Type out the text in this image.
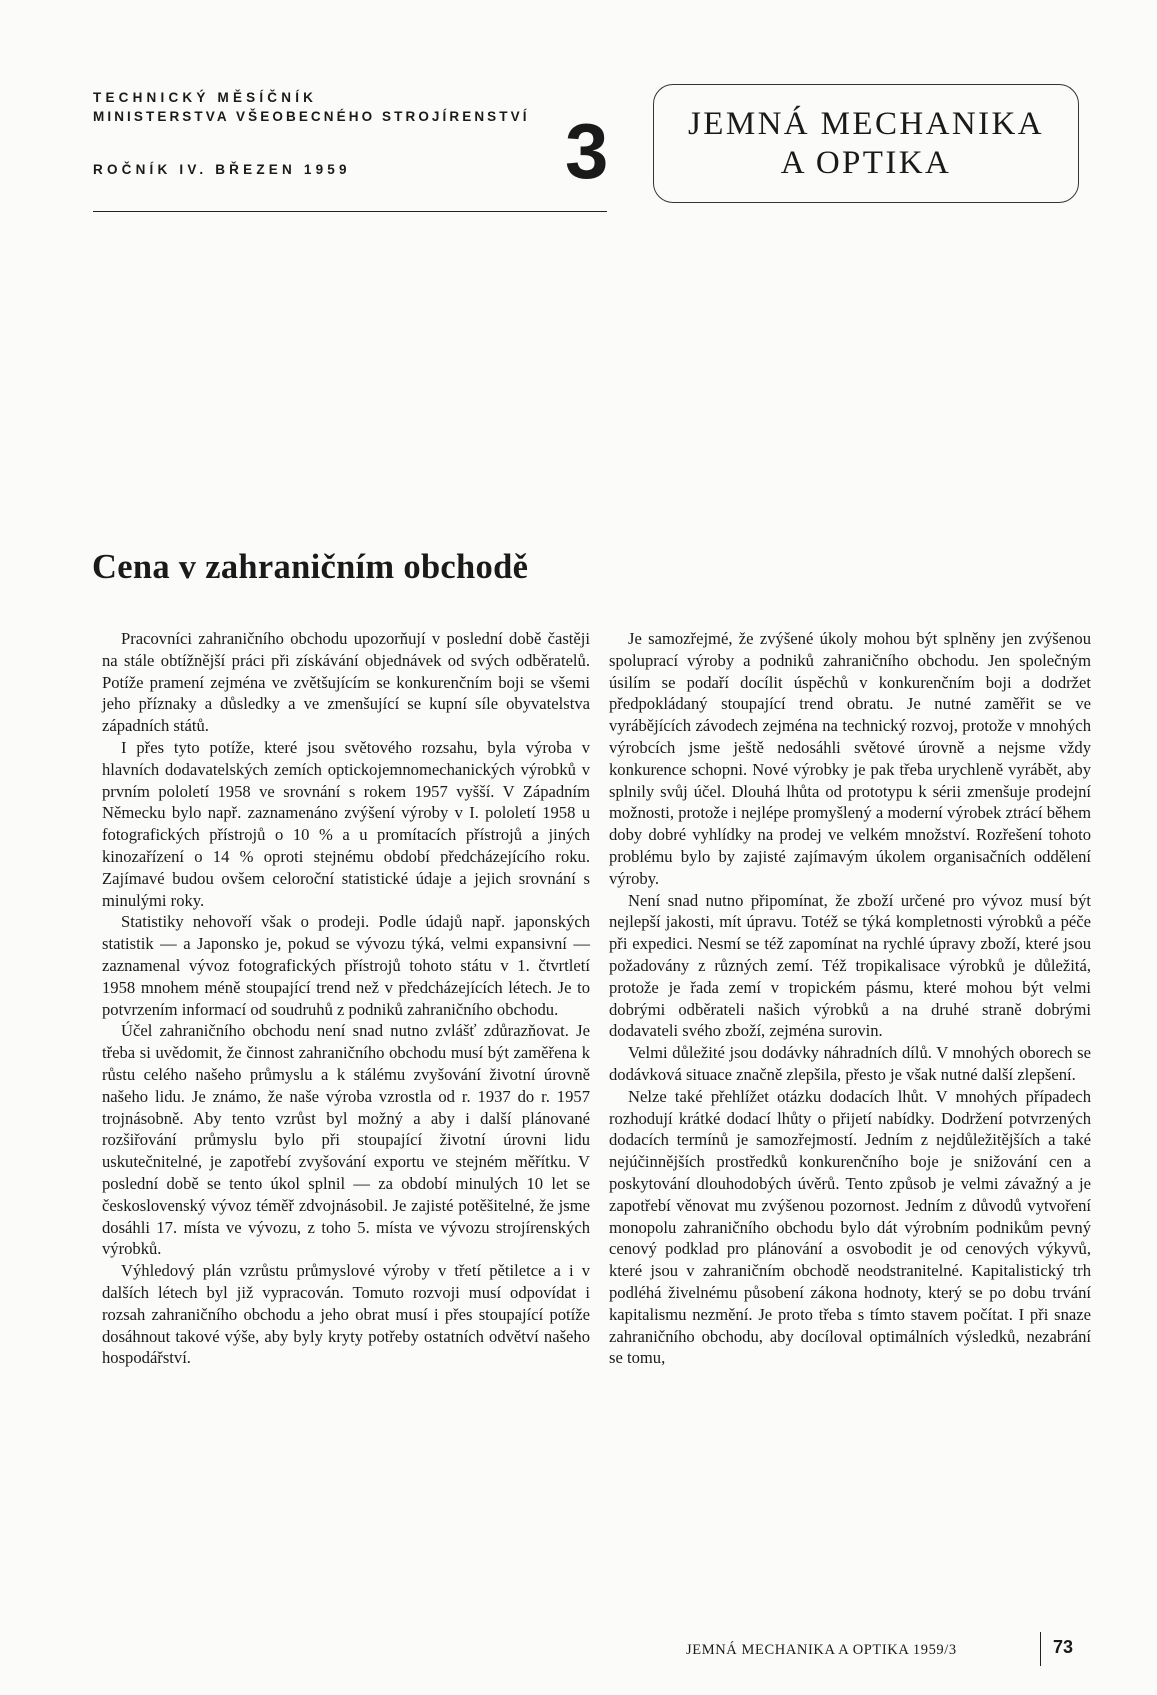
TECHNICKÝ MĚSÍČNÍK
MINISTERSTVA VŠEOBECNÉHO STROJÍRENSTVÍ
ROČNÍK IV. BŘEZEN 1959	3	JEMNÁ MECHANIKA
A OPTIKA
Cena v zahraničním obchodě

Pracovníci zahraničního obchodu upozorňují v poslední době častěji na stále obtížnější práci při získávání objednávek od svých odběratelů. Potíže pramení zejména ve zvětšujícím se konkurenčním boji se všemi jeho příznaky a důsledky a ve zmenšující se kupní síle obyvatelstva západních států.

I přes tyto potíže, které jsou světového rozsahu, byla výroba v hlavních dodavatelských zemích optickojemnomechanických výrobků v prvním pololetí 1958 ve srovnání s rokem 1957 vyšší. V Západním Německu bylo např. zaznamenáno zvýšení výroby v I. pololetí 1958 u fotografických přístrojů o 10 % a u promítacích přístrojů a jiných kinozařízení o 14 % oproti stejnému období předcházejícího roku. Zajímavé budou ovšem celoroční statistické údaje a jejich srovnání s minulými roky.

Statistiky nehovoří však o prodeji. Podle údajů např. japonských statistik — a Japonsko je, pokud se vývozu týká, velmi expansivní — zaznamenal vývoz fotografických přístrojů tohoto státu v 1. čtvrtletí 1958 mnohem méně stoupající trend než v předcházejících létech. Je to potvrzením informací od soudruhů z podniků zahraničního obchodu.

Účel zahraničního obchodu není snad nutno zvlášť zdůrazňovat. Je třeba si uvědomit, že činnost zahraničního obchodu musí být zaměřena k růstu celého našeho průmyslu a k stálému zvyšování životní úrovně našeho lidu. Je známo, že naše výroba vzrostla od r. 1937 do r. 1957 trojnásobně. Aby tento vzrůst byl možný a aby i další plánované rozšiřování průmyslu bylo při stoupající životní úrovni lidu uskutečnitelné, je zapotřebí zvyšování exportu ve stejném měřítku. V poslední době se tento úkol splnil — za období minulých 10 let se československý vývoz téměř zdvojnásobil. Je zajisté potěšitelné, že jsme dosáhli 17. místa ve vývozu, z toho 5. místa ve vývozu strojírenských výrobků.

Výhledový plán vzrůstu průmyslové výroby v třetí pětiletce a i v dalších létech byl již vypracován. Tomuto rozvoji musí odpovídat i rozsah zahraničního obchodu a jeho obrat musí i přes stoupající potíže dosáhnout takové výše, aby byly kryty potřeby ostatních odvětví našeho hospodářství.

Je samozřejmé, že zvýšené úkoly mohou být splněny jen zvýšenou spoluprací výroby a podniků zahraničního obchodu. Jen společným úsilím se podaří docílit úspěchů v konkurenčním boji a dodržet předpokládaný stoupající trend obratu. Je nutné zaměřit se ve vyrábějících závodech zejména na technický rozvoj, protože v mnohých výrobcích jsme ještě nedosáhli světové úrovně a nejsme vždy konkurence schopni. Nové výrobky je pak třeba urychleně vyrábět, aby splnily svůj účel. Dlouhá lhůta od prototypu k sérii zmenšuje prodejní možnosti, protože i nejlépe promyšlený a moderní výrobek ztrácí během doby dobré vyhlídky na prodej ve velkém množství. Rozřešení tohoto problému bylo by zajisté zajímavým úkolem organisačních oddělení výroby.

Není snad nutno připomínat, že zboží určené pro vývoz musí být nejlepší jakosti, mít úpravu. Totéž se týká kompletnosti výrobků a péče při expedici. Nesmí se též zapomínat na rychlé úpravy zboží, které jsou požadovány z různých zemí. Též tropikalisace výrobků je důležitá, protože je řada zemí v tropickém pásmu, které mohou být velmi dobrými odběrateli našich výrobků a na druhé straně dobrými dodavateli svého zboží, zejména surovin.

Velmi důležité jsou dodávky náhradních dílů. V mnohých oborech se dodávková situace značně zlepšila, přesto je však nutné další zlepšení.

Nelze také přehlížet otázku dodacích lhůt. V mnohých případech rozhodují krátké dodací lhůty o přijetí nabídky. Dodržení potvrzených dodacích termínů je samozřejmostí. Jedním z nejdůležitějších a také nejúčinnějších prostředků konkurenčního boje je snižování cen a poskytování dlouhodobých úvěrů. Tento způsob je velmi závažný a je zapotřebí věnovat mu zvýšenou pozornost. Jedním z důvodů vytvoření monopolu zahraničního obchodu bylo dát výrobním podnikům pevný cenový podklad pro plánování a osvobodit je od cenových výkyvů, které jsou v zahraničním obchodě neodstranitelné. Kapitalistický trh podléhá živelnému působení zákona hodnoty, který se po dobu trvání kapitalismu nezmění. Je proto třeba s tímto stavem počítat. I při snaze zahraničního obchodu, aby docíloval optimálních výsledků, nezabrání se tomu,

JEMNÁ MECHANIKA A OPTIKA 1959/3	73
